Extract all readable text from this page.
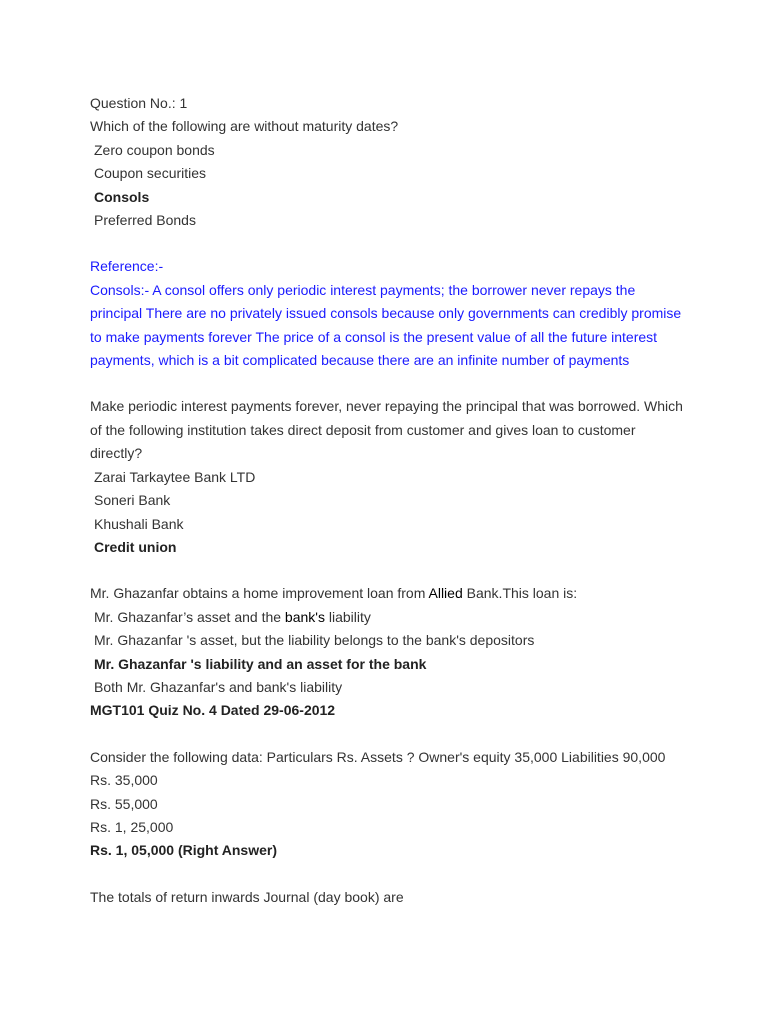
Question No.: 1
Which of the following are without maturity dates?
Zero coupon bonds
Coupon securities
Consols
Preferred Bonds
Reference:-
Consols:- A consol offers only periodic interest payments; the borrower never repays the
principal There are no privately issued consols because only governments can credibly promise
to make payments forever The price of a consol is the present value of all the future interest
payments, which is a bit complicated because there are an infinite number of payments
Make periodic interest payments forever, never repaying the principal that was borrowed. Which
of the following institution takes direct deposit from customer and gives loan to customer
directly?
Zarai Tarkaytee Bank LTD
Soneri Bank
Khushali Bank
Credit union
Mr. Ghazanfar obtains a home improvement loan from Allied Bank.This loan is:
Mr. Ghazanfar’s asset and the bank's liability
Mr. Ghazanfar 's asset, but the liability belongs to the bank's depositors
Mr. Ghazanfar 's liability and an asset for the bank
Both Mr. Ghazanfar's and bank's liability
MGT101 Quiz No. 4 Dated 29-06-2012
Consider the following data: Particulars Rs. Assets ? Owner's equity 35,000 Liabilities 90,000
Rs. 35,000
Rs. 55,000
Rs. 1, 25,000
Rs. 1, 05,000 (Right Answer)
The totals of return inwards Journal (day book) are
